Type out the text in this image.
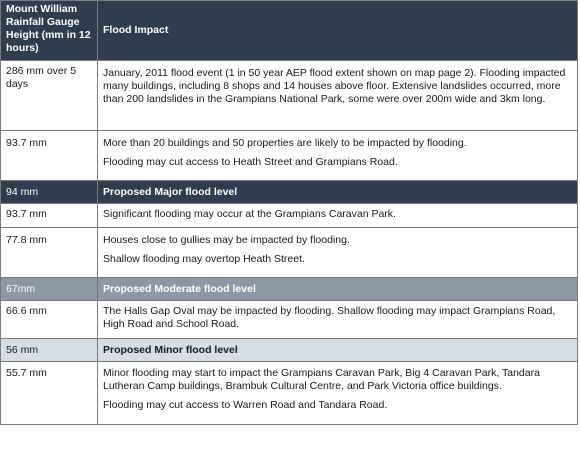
Mount William Rainfall Gauge Height (mm in 12 hours)	Flood Impact
286 mm over 5 days	January, 2011 flood event (1 in 50 year AEP flood extent shown on map page 2). Flooding impacted many buildings, including 8 shops and 14 houses above floor. Extensive landslides occurred, more than 200 landslides in the Grampians National Park, some were over 200m wide and 3km long.

93.7 mm	More than 20 buildings and 50 properties are likely to be impacted by flooding.

Flooding may cut access to Heath Street and Grampians Road.

94 mm	Proposed Major flood level
93.7 mm	Significant flooding may occur at the Grampians Caravan Park.

77.8 mm	Houses close to gullies may be impacted by flooding.

Shallow flooding may overtop Heath Street.

67mm	Proposed Moderate flood level
66.6 mm	The Halls Gap Oval may be impacted by flooding. Shallow flooding may impact Grampians Road, High Road and School Road.

56 mm	Proposed Minor flood level
55.7 mm	Minor flooding may start to impact the Grampians Caravan Park, Big 4 Caravan Park, Tandara Lutheran Camp buildings, Brambuk Cultural Centre, and Park Victoria office buildings.

Flooding may cut access to Warren Road and Tandara Road.
